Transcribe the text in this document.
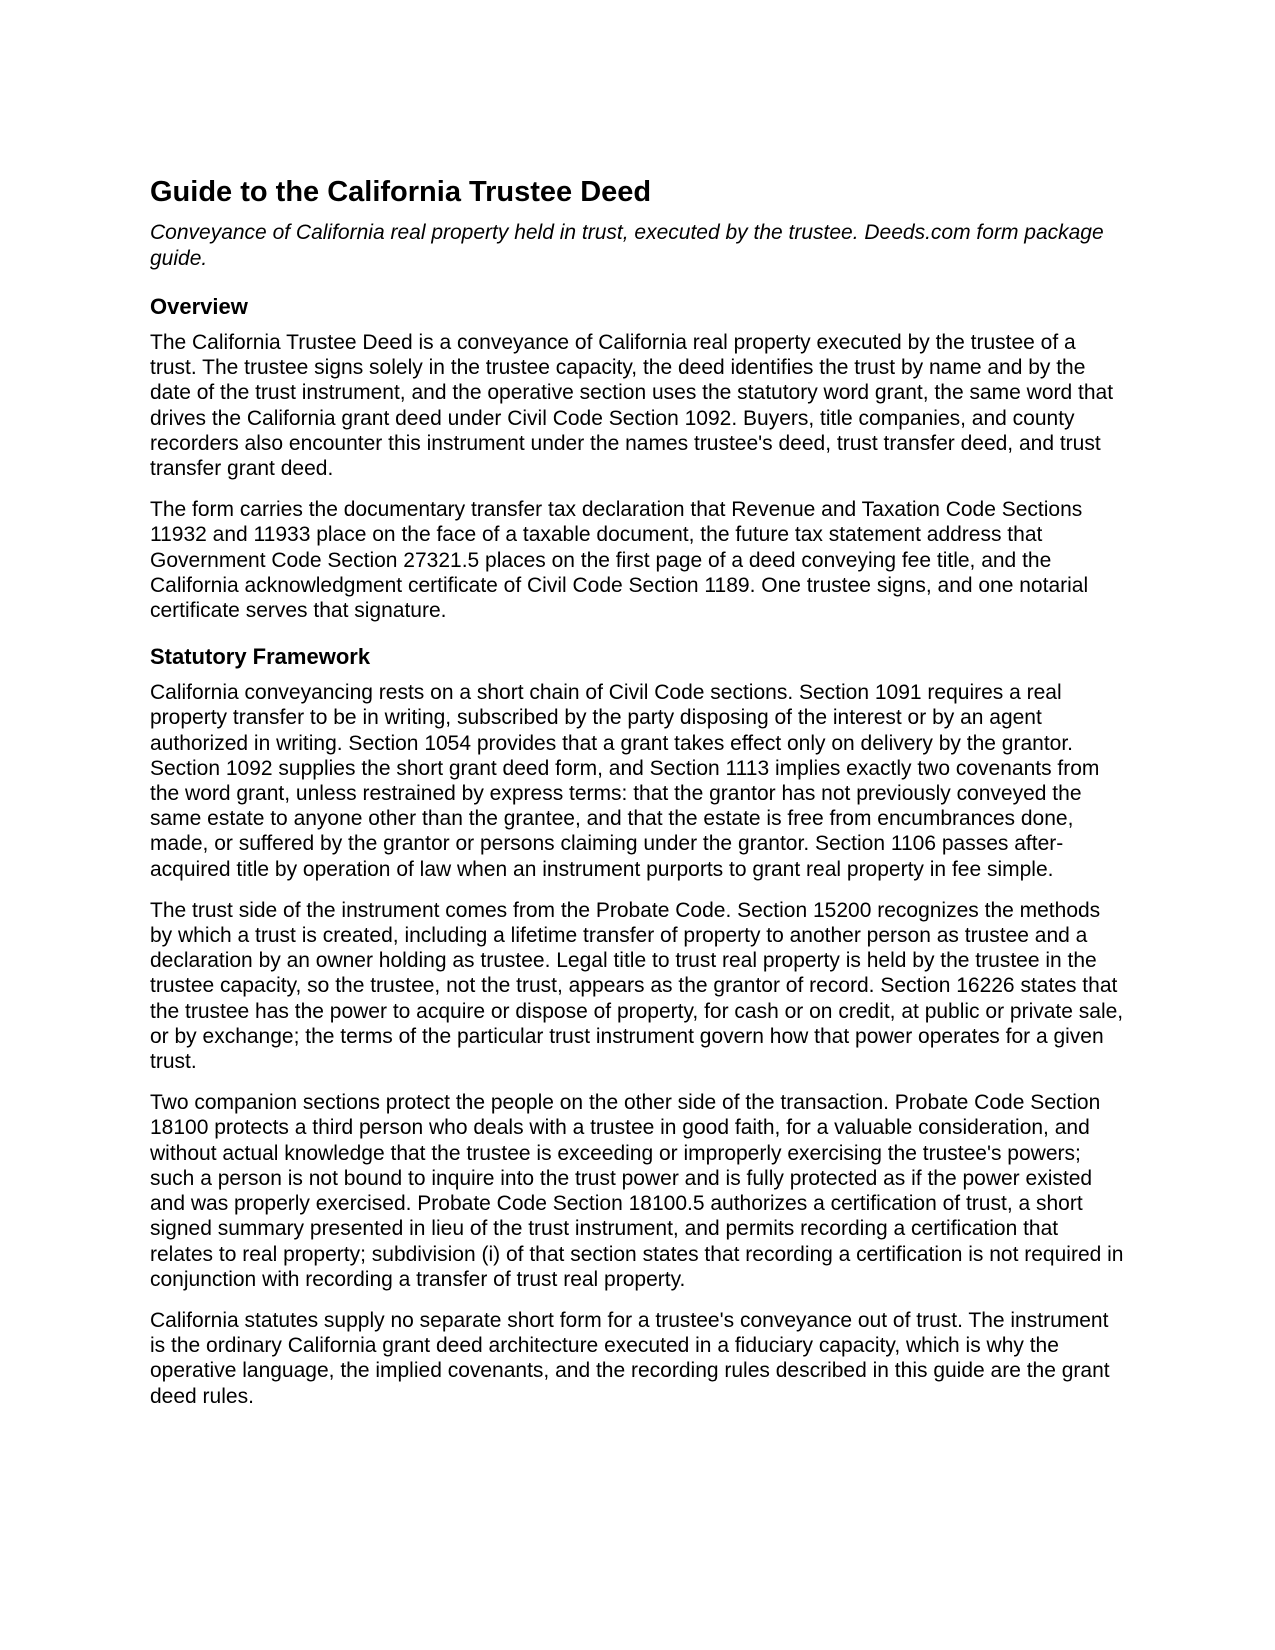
Guide to the California Trustee Deed

Conveyance of California real property held in trust, executed by the trustee. Deeds.com form package guide.

Overview

The California Trustee Deed is a conveyance of California real property executed by the trustee of a trust. The trustee signs solely in the trustee capacity, the deed identifies the trust by name and by the date of the trust instrument, and the operative section uses the statutory word grant, the same word that drives the California grant deed under Civil Code Section 1092. Buyers, title companies, and county recorders also encounter this instrument under the names trustee's deed, trust transfer deed, and trust transfer grant deed.

The form carries the documentary transfer tax declaration that Revenue and Taxation Code Sections 11932 and 11933 place on the face of a taxable document, the future tax statement address that Government Code Section 27321.5 places on the first page of a deed conveying fee title, and the California acknowledgment certificate of Civil Code Section 1189. One trustee signs, and one notarial certificate serves that signature.

Statutory Framework

California conveyancing rests on a short chain of Civil Code sections. Section 1091 requires a real property transfer to be in writing, subscribed by the party disposing of the interest or by an agent authorized in writing. Section 1054 provides that a grant takes effect only on delivery by the grantor. Section 1092 supplies the short grant deed form, and Section 1113 implies exactly two covenants from the word grant, unless restrained by express terms: that the grantor has not previously conveyed the same estate to anyone other than the grantee, and that the estate is free from encumbrances done, made, or suffered by the grantor or persons claiming under the grantor. Section 1106 passes after-acquired title by operation of law when an instrument purports to grant real property in fee simple.

The trust side of the instrument comes from the Probate Code. Section 15200 recognizes the methods by which a trust is created, including a lifetime transfer of property to another person as trustee and a declaration by an owner holding as trustee. Legal title to trust real property is held by the trustee in the trustee capacity, so the trustee, not the trust, appears as the grantor of record. Section 16226 states that the trustee has the power to acquire or dispose of property, for cash or on credit, at public or private sale, or by exchange; the terms of the particular trust instrument govern how that power operates for a given trust.

Two companion sections protect the people on the other side of the transaction. Probate Code Section 18100 protects a third person who deals with a trustee in good faith, for a valuable consideration, and without actual knowledge that the trustee is exceeding or improperly exercising the trustee's powers; such a person is not bound to inquire into the trust power and is fully protected as if the power existed and was properly exercised. Probate Code Section 18100.5 authorizes a certification of trust, a short signed summary presented in lieu of the trust instrument, and permits recording a certification that relates to real property; subdivision (i) of that section states that recording a certification is not required in conjunction with recording a transfer of trust real property.

California statutes supply no separate short form for a trustee's conveyance out of trust. The instrument is the ordinary California grant deed architecture executed in a fiduciary capacity, which is why the operative language, the implied covenants, and the recording rules described in this guide are the grant deed rules.
